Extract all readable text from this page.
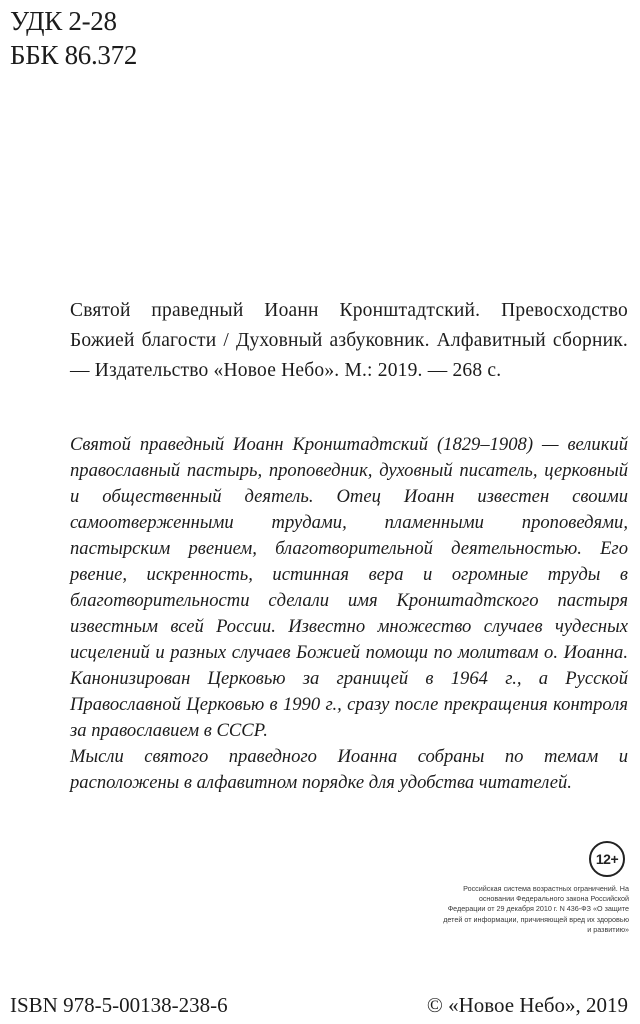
УДК 2-28
ББК 86.372
Святой праведный Иоанн Кронштадтский. Превосходство Божией благости / Духовный азбуковник. Алфавитный сборник. — Издательство «Новое Небо». М.: 2019. — 268 с.

Святой праведный Иоанн Кронштадтский (1829–1908) — великий православный пастырь, проповедник, духовный писатель, церковный и общественный деятель. Отец Иоанн известен своими самоотверженными трудами, пламенными проповедями, пастырским рвением, благотворительной деятельностью. Его рвение, искренность, истинная вера и огромные труды в благотворительности сделали имя Кронштадтского пастыря известным всей России. Известно множество случаев чудесных исцелений и разных случаев Божией помощи по молитвам о. Иоанна. Канонизирован Церковью за границей в 1964 г., а Русской Православной Церковью в 1990 г., сразу после прекращения контроля за православием в СССР.

Мысли святого праведного Иоанна собраны по темам и расположены в алфавитном порядке для удобства читателей.

12+
Российская система возрастных ограничений. На основании Федерального закона Российской Федерации от 29 декабря 2010 г. N 436-ФЗ «О защите детей от информации, причиняющей вред их здоровью и развитию»
ISBN 978-5-00138-238-6	© «Новое Небо», 2019
